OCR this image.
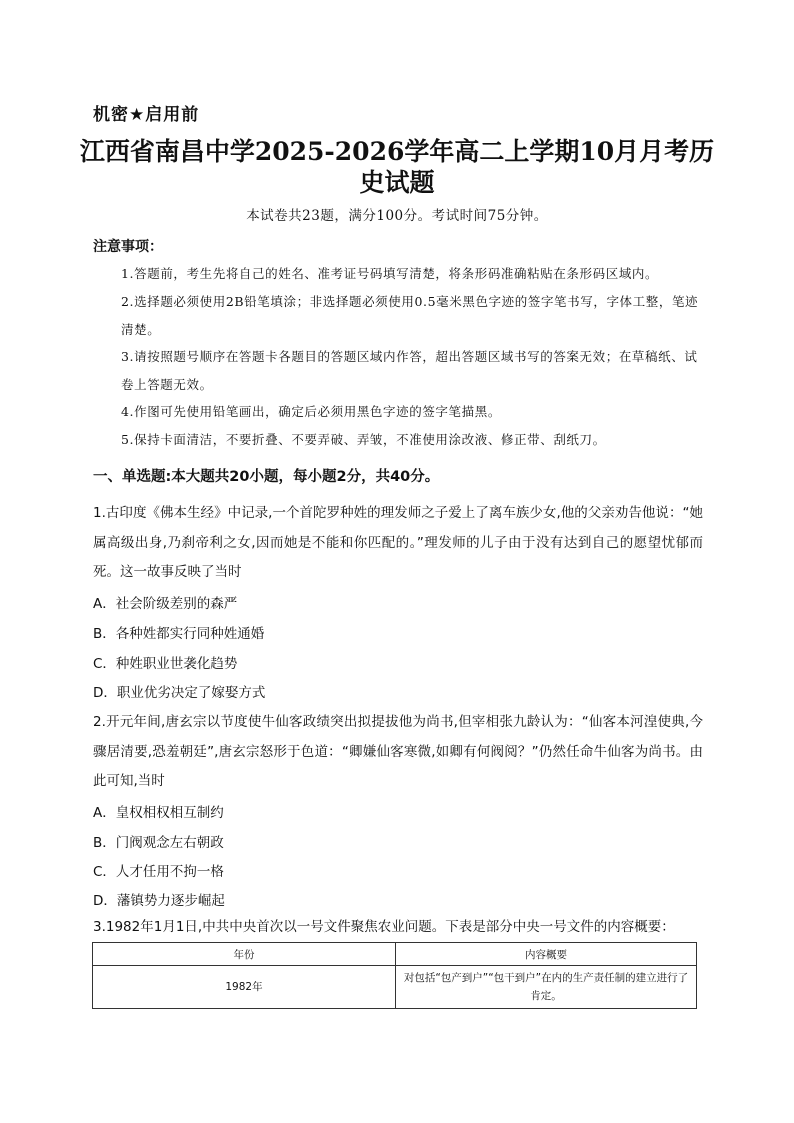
机密★启用前
江西省南昌中学2025-2026学年高二上学期10月月考历
史试题
本试卷共23题，满分100分。考试时间75分钟。
注意事项：
1.答题前，考生先将自己的姓名、准考证号码填写清楚，将条形码准确粘贴在条形码区域内。
2.选择题必须使用2B铅笔填涂；非选择题必须使用0.5毫米黑色字迹的签字笔书写，字体工整，笔迹清楚。
3.请按照题号顺序在答题卡各题目的答题区域内作答，超出答题区域书写的答案无效；在草稿纸、试卷上答题无效。
4.作图可先使用铅笔画出，确定后必须用黑色字迹的签字笔描黑。
5.保持卡面清洁，不要折叠、不要弄破、弄皱，不准使用涂改液、修正带、刮纸刀。
一、单选题:本大题共20小题，每小题2分，共40分。
1.古印度《佛本生经》中记录,一个首陀罗种姓的理发师之子爱上了离车族少女,他的父亲劝告他说：“她属高级出身,乃刹帝利之女,因而她是不能和你匹配的。”理发师的儿子由于没有达到自己的愿望忧郁而死。这一故事反映了当时
A．社会阶级差别的森严
B．各种姓都实行同种姓通婚
C．种姓职业世袭化趋势
D．职业优劣决定了嫁娶方式
2.开元年间,唐玄宗以节度使牛仙客政绩突出拟提拔他为尚书,但宰相张九龄认为：“仙客本河湟使典,今骤居清要,恐羞朝廷”,唐玄宗怒形于色道：“卿嫌仙客寒微,如卿有何阀阅？”仍然任命牛仙客为尚书。由此可知,当时
A．皇权相权相互制约
B．门阀观念左右朝政
C．人才任用不拘一格
D．藩镇势力逐步崛起
3.1982年1月1日,中共中央首次以一号文件聚焦农业问题。下表是部分中央一号文件的内容概要：
年份	内容概要
1982年	对包括“包产到户”“包干到户”在内的生产责任制的建立进行了肯定。
